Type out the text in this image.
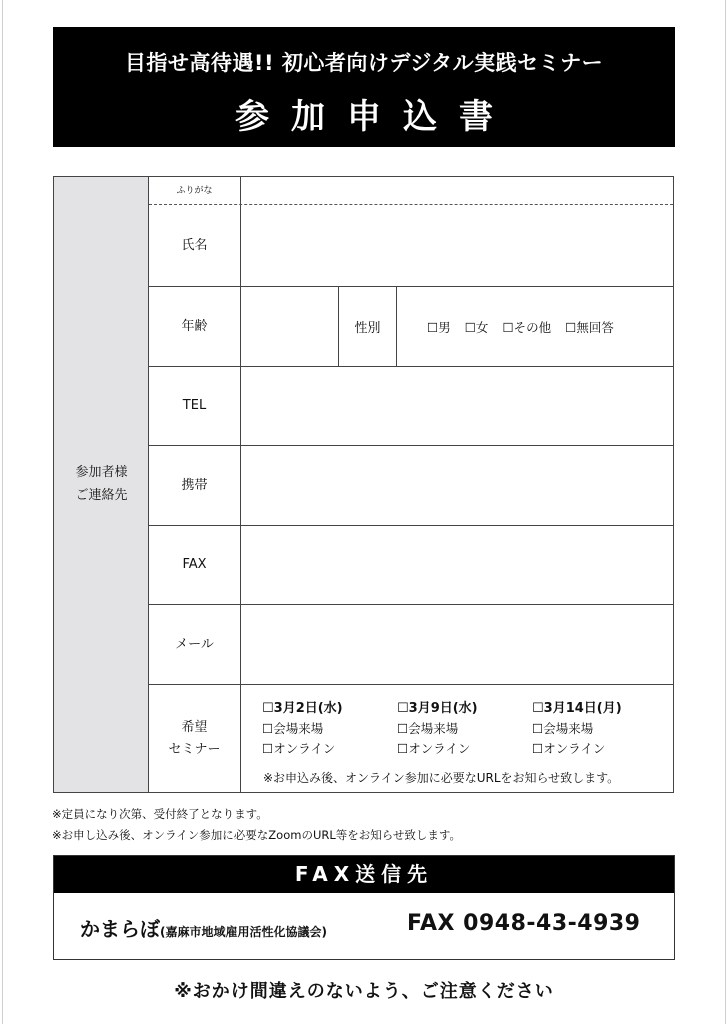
目指せ高待遇!! 初心者向けデジタル実践セミナー
参加申込書
参加者様
ご連絡先
ふりがな
氏名
年齢	性別	☐男 ☐女 ☐その他 ☐無回答
TEL
携帯
FAX
メール
希望
セミナー
☐3月2日(水)
☐会場来場
☐オンライン
☐3月9日(水)
☐会場来場
☐オンライン
☐3月14日(月)
☐会場来場
☐オンライン
※お申込み後、オンライン参加に必要なURLをお知らせ致します。
※定員になり次第、受付終了となります。
※お申し込み後、オンライン参加に必要なZoomのURL等をお知らせ致します。
FAX送信先
かまらぼ(嘉麻市地域雇用活性化協議会)	FAX 0948-43-4939
※おかけ間違えのないよう、ご注意ください
